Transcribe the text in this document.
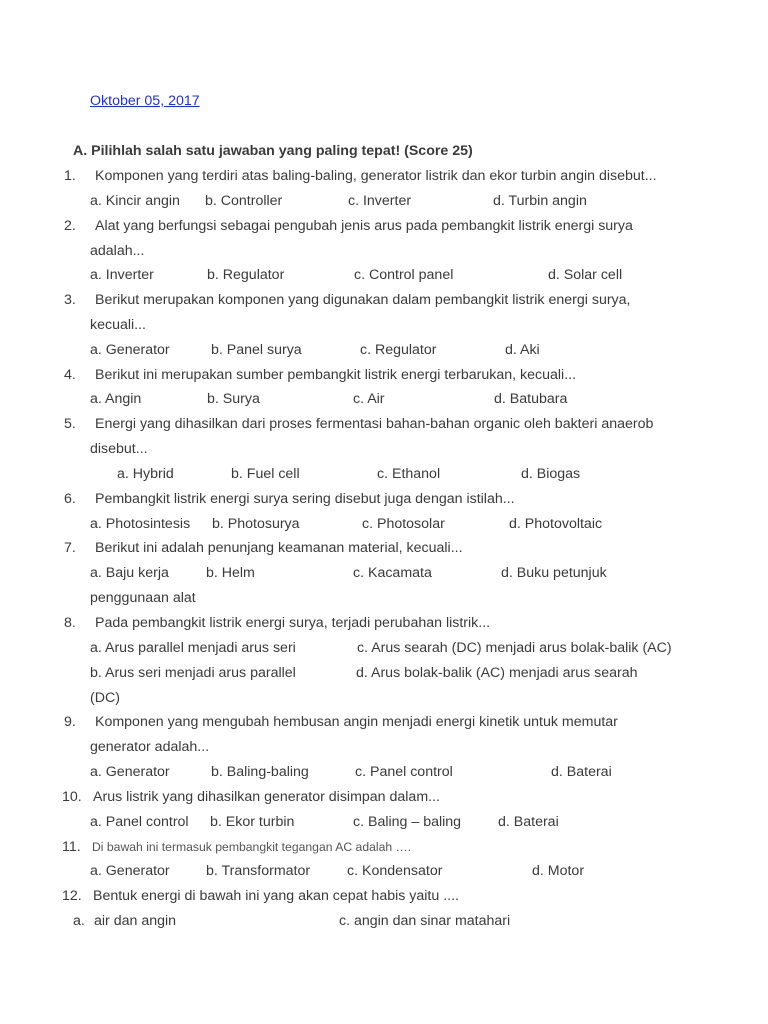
Oktober 05, 2017
A. Pilihlah salah satu jawaban yang paling tepat! (Score 25)
1. Komponen yang terdiri atas baling-baling, generator listrik dan ekor turbin angin disebut...
a. Kincir angin b. Controller	c. Inverter	d. Turbin angin
2. Alat yang berfungsi sebagai pengubah jenis arus pada pembangkit listrik energi surya
adalah...
a. Inverter	b. Regulator	c. Control panel	d. Solar cell
3. Berikut merupakan komponen yang digunakan dalam pembangkit listrik energi surya,
kecuali...
a. Generator	b. Panel surya	c. Regulator	d. Aki
4. Berikut ini merupakan sumber pembangkit listrik energi terbarukan, kecuali...
a. Angin	b. Surya	c. Air	d. Batubara
5. Energi yang dihasilkan dari proses fermentasi bahan-bahan organic oleh bakteri anaerob
disebut...
a. Hybrid	b. Fuel cell	c. Ethanol	d. Biogas
6. Pembangkit listrik energi surya sering disebut juga dengan istilah...
a. Photosintesis b. Photosurya	c. Photosolar	d. Photovoltaic
7. Berikut ini adalah penunjang keamanan material, kecuali...
a. Baju kerja	b. Helm	c. Kacamata	d. Buku petunjuk
penggunaan alat
8. Pada pembangkit listrik energi surya, terjadi perubahan listrik...
a. Arus parallel menjadi arus seri	c. Arus searah (DC) menjadi arus bolak-balik (AC)
b. Arus seri menjadi arus parallel	d. Arus bolak-balik (AC) menjadi arus searah
(DC)
9. Komponen yang mengubah hembusan angin menjadi energi kinetik untuk memutar
generator adalah...
a. Generator	b. Baling-baling	c. Panel control	d. Baterai
10. Arus listrik yang dihasilkan generator disimpan dalam...
a. Panel control b. Ekor turbin	c. Baling – baling	d. Baterai
11. Di bawah ini termasuk pembangkit tegangan AC adalah ….
a. Generator	b. Transformator	c. Kondensator	d. Motor
12. Bentuk energi di bawah ini yang akan cepat habis yaitu ....
a. air dan angin	c. angin dan sinar matahari
